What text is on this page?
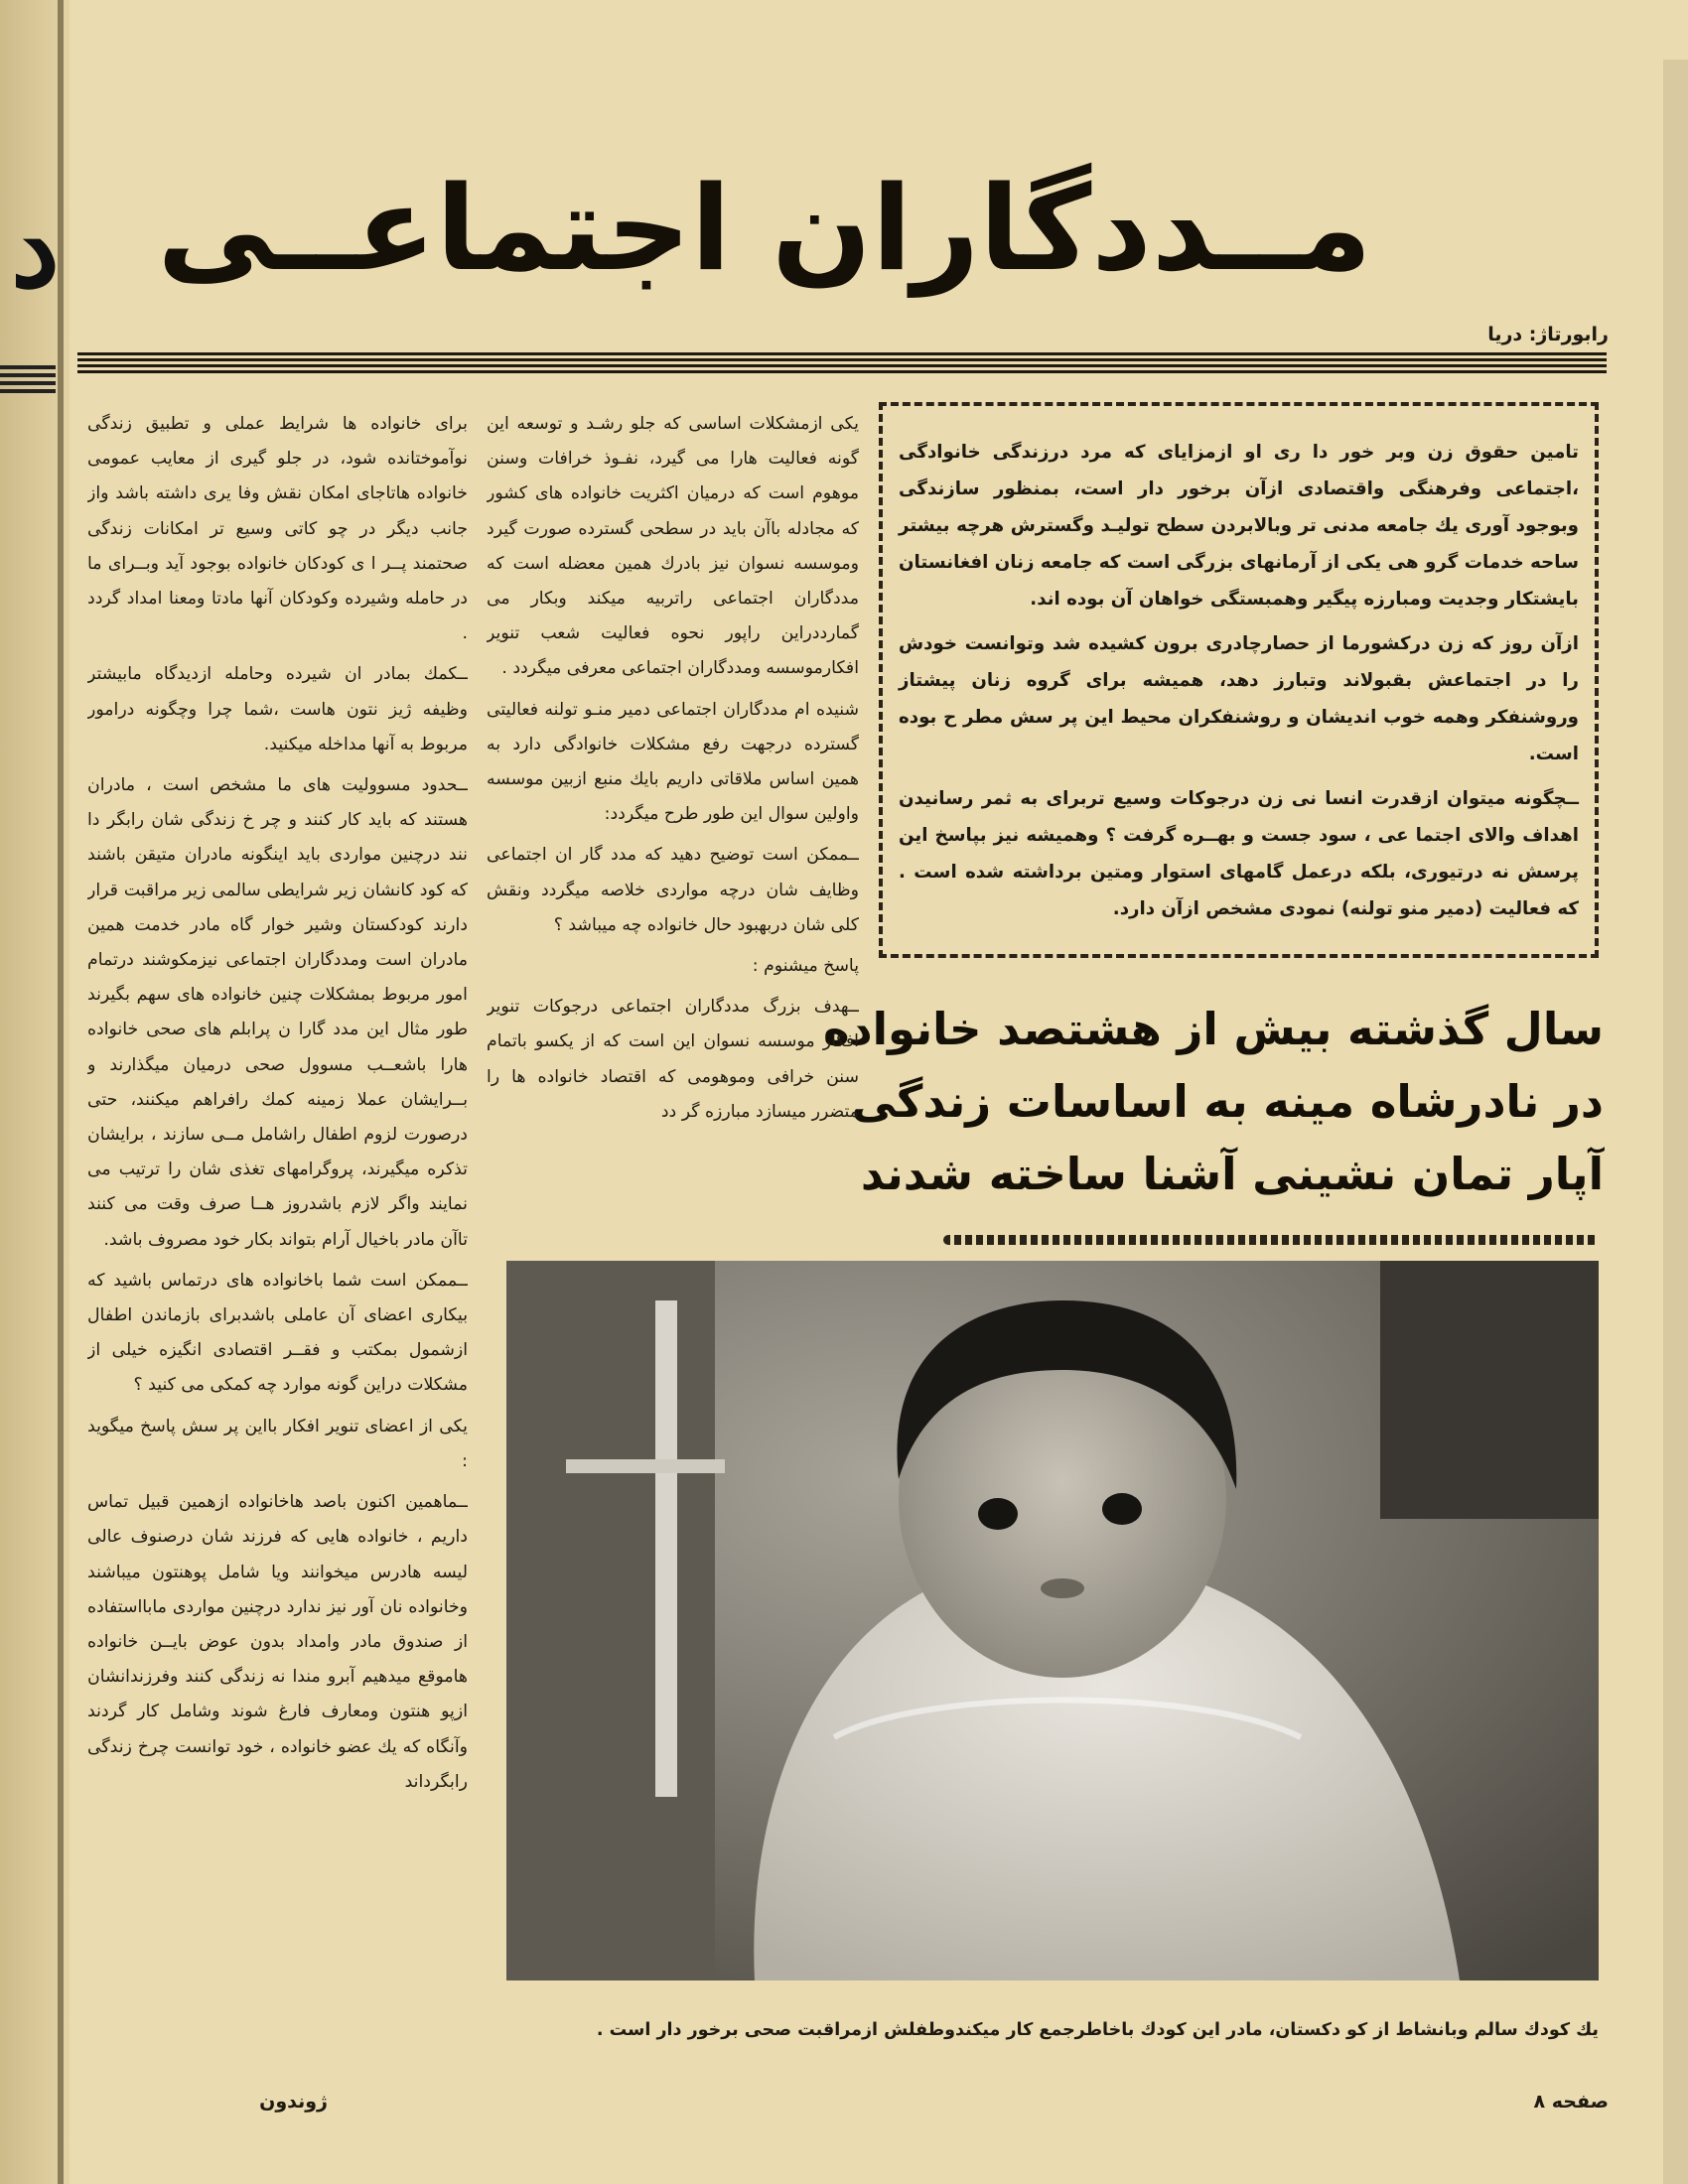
د مــددگاران اجتماعــی
رابورتاژ: دریا

تامین حقوق زن وبر خور دا ری او ازمزایای که مرد درزندگی خانوادگی ،اجتماعی وفرهنگی واقتصادی ازآن برخور دار است، بمنظور سازندگی وبوجود آوری یك جامعه مدنی تر وبالابردن سطح تولیـد وگسترش هرچه بیشتر ساحه خدمات گرو هی یکی از آرمانهای بزرگی است که جامعه زنان افغانستان بایشتکار وجدیت ومبارزه پیگیر وهمبستگی خواهان آن بوده اند.

ازآن روز که زن درکشورما از حصارچادری برون کشیده شد وتوانست خودش را در اجتماعش بقبولاند وتبارز دهد، همیشه برای گروه زنان پیشتاز وروشنفکر وهمه خوب اندیشان و روشنفکران محیط این پر سش مطر ح بوده است.

ــچگونه میتوان ازقدرت انسا نی زن درجوکات وسیع تربرای به ثمر رسانیدن اهداف والای اجتما عی ، سود جست و بهــره گرفت ؟ وهمیشه نیز بپاسخ این پرسش نه درتیوری، بلکه درعمل گامهای استوار ومتین برداشته شده است . که فعالیت (دمیر منو تولنه) نمودی مشخص ازآن دارد.

سال گذشته بیش از هشتصد خانواده
در نادرشاه مینه به اساسات زندگی
آپار تمان نشینی آشنا ساخته شدند

یکی ازمشکلات اساسی که جلو رشـد و توسعه این گونه فعالیت هارا می گیرد، نفـوذ خرافات وسنن موهوم است که درمیان اکثریت خانواده های کشور که مجادله باآن باید در سطحی گسترده صورت گیرد وموسسه نسوان نیز بادرك همین معضله است که مددگاران اجتماعی راتربیه میکند وبکار می گمارددراین راپور نحوه فعالیت شعب تنویر افکارموسسه ومددگاران اجتماعی معرفی میگردد .

شنیده ام مددگاران اجتماعی دمیر منـو تولنه فعالیتی گسترده درجهت رفع مشکلات خانوادگی دارد به همین اساس ملاقاتی داریم بایك منبع ازبین موسسه واولین سوال این طور طرح میگردد:

ــممکن است توضیح دهید که مدد گار ان اجتماعی وظایف شان درچه مواردی خلاصه میگردد ونقش کلی شان دربهبود حال خانواده چه میباشد ؟

پاسخ میشنوم :

ــهدف بزرگ مددگاران اجتماعی درجوکات تنویر افکار موسسه نسوان این است که از یکسو باتمام سنن خرافی وموهومی که اقتصاد خانواده ها را متضرر میسازد مبارزه گر دد

برای خانواده ها شرایط عملی و تطبیق زندگی نوآموختانده شود، در جلو گیری از معایب عمومی خانواده هاتاجای امکان نقش وفا یری داشته باشد واز جانب دیگر در چو کاتی وسیع تر امکانات زندگی صحتمند پــر ا ی کودکان خانواده بوجود آید وبــرای ما در حامله وشیرده وکودکان آنها مادتا ومعنا امداد گردد .

ــکمك بمادر ان شیرده وحامله ازدیدگاه مابیشتر وظیفه ژیز نتون هاست ،شما چرا وچگونه درامور مربوط به آنها مداخله میکنید.

ــحدود مسوولیت های ما مشخص است ، مادران هستند که باید کار کنند و چر خ زندگی شان رابگر دا نند درچنین مواردی باید اینگونه مادران متیقن باشند که کود کانشان زیر شرایطی سالمی زیر مراقبت قرار دارند کودکستان وشیر خوار گاه مادر خدمت همین مادران است ومددگاران اجتماعی نیزمکوشند درتمام امور مربوط بمشکلات چنین خانواده های سهم بگیرند طور مثال این مدد گارا ن پرابلم های صحی خانواده هارا باشعــب مسوول صحی درمیان میگذارند و بــرایشان عملا زمینه کمك رافراهم میکنند، حتی درصورت لزوم اطفال راشامل مــی سازند ، برایشان تذکره میگیرند، پروگرامهای تغذی شان را ترتیب می نمایند واگر لازم باشدروز هــا صرف وقت می کنند تاآن مادر باخیال آرام بتواند بکار خود مصروف باشد.

ــممکن است شما باخانواده های درتماس باشید که بیکاری اعضای آن عاملی باشدبرای بازماندن اطفال ازشمول بمکتب و فقــر اقتصادی انگیزه خیلی از مشکلات دراین گونه موارد چه کمکی می کنید ؟

یکی از اعضای تنویر افکار بااین پر سش پاسخ میگوید :

ــماهمین اکنون باصد هاخانواده ازهمین قبیل تماس داریم ، خانواده هایی که فرزند شان درصنوف عالی لیسه هادرس میخوانند ویا شامل پوهنتون میباشند وخانواده نان آور نیز ندارد درچنین مواردی مابااستفاده از صندوق مادر وامداد بدون عوض بایــن خانواده هاموقع میدهیم آبرو مندا نه زندگی کنند وفرزندانشان ازپو هنتون ومعارف فارغ شوند وشامل کار گردند وآنگاه که یك عضو خانواده ، خود توانست چرخ زندگی رابگرداند

یك کودك سالم وبانشاط از کو دکستان، مادر این کودك باخاطرجمع کار میکندوطفلش ازمراقبت صحی برخور دار است .
صفحه ۸
ژوندون
